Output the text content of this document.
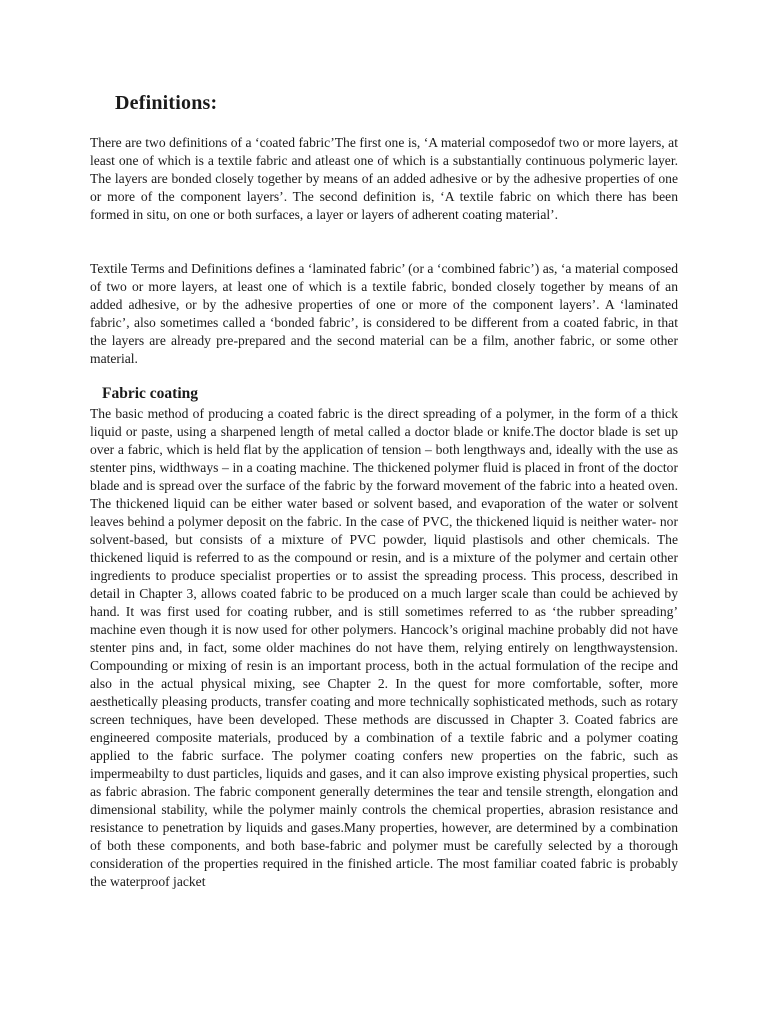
Definitions:

There are two definitions of a ‘coated fabric’The first one is, ‘A material composedof two or more layers, at least one of which is a textile fabric and atleast one of which is a substantially continuous polymeric layer. The layers are bonded closely together by means of an added adhesive or by the adhesive properties of one or more of the component layers’. The second definition is, ‘A textile fabric on which there has been formed in situ, on one or both surfaces, a layer or layers of adherent coating material’.

Textile Terms and Definitions defines a ‘laminated fabric’ (or a ‘combined fabric’) as, ‘a material composed of two or more layers, at least one of which is a textile fabric, bonded closely together by means of an added adhesive, or by the adhesive properties of one or more of the component layers’. A ‘laminated fabric’, also sometimes called a ‘bonded fabric’, is considered to be different from a coated fabric, in that the layers are already pre-prepared and the second material can be a film, another fabric, or some other material.

Fabric coating

The basic method of producing a coated fabric is the direct spreading of a polymer, in the form of a thick liquid or paste, using a sharpened length of metal called a doctor blade or knife.The doctor blade is set up over a fabric, which is held flat by the application of tension – both lengthways and, ideally with the use as stenter pins, widthways – in a coating machine. The thickened polymer fluid is placed in front of the doctor blade and is spread over the surface of the fabric by the forward movement of the fabric into a heated oven. The thickened liquid can be either water based or solvent based, and evaporation of the water or solvent leaves behind a polymer deposit on the fabric. In the case of PVC, the thickened liquid is neither water- nor solvent-based, but consists of a mixture of PVC powder, liquid plastisols and other chemicals. The thickened liquid is referred to as the compound or resin, and is a mixture of the polymer and certain other ingredients to produce specialist properties or to assist the spreading process. This process, described in detail in Chapter 3, allows coated fabric to be produced on a much larger scale than could be achieved by hand. It was first used for coating rubber, and is still sometimes referred to as ‘the rubber spreading’ machine even though it is now used for other polymers. Hancock’s original machine probably did not have stenter pins and, in fact, some older machines do not have them, relying entirely on lengthwaystension. Compounding or mixing of resin is an important process, both in the actual formulation of the recipe and also in the actual physical mixing, see Chapter 2. In the quest for more comfortable, softer, more aesthetically pleasing products, transfer coating and more technically sophisticated methods, such as rotary screen techniques, have been developed. These methods are discussed in Chapter 3. Coated fabrics are engineered composite materials, produced by a combination of a textile fabric and a polymer coating applied to the fabric surface. The polymer coating confers new properties on the fabric, such as impermeabilty to dust particles, liquids and gases, and it can also improve existing physical properties, such as fabric abrasion. The fabric component generally determines the tear and tensile strength, elongation and dimensional stability, while the polymer mainly controls the chemical properties, abrasion resistance and resistance to penetration by liquids and gases.Many properties, however, are determined by a combination of both these components, and both base-fabric and polymer must be carefully selected by a thorough consideration of the properties required in the finished article. The most familiar coated fabric is probably the waterproof jacket
